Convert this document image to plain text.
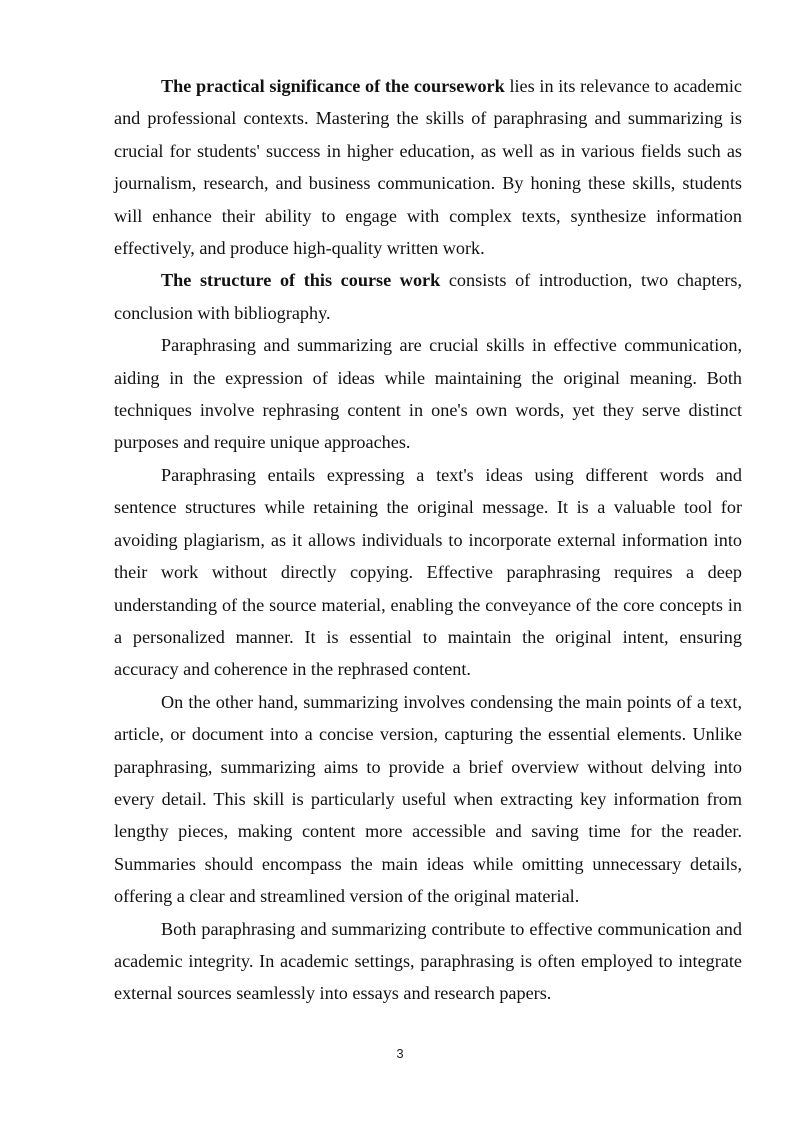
The practical significance of the coursework lies in its relevance to academic and professional contexts. Mastering the skills of paraphrasing and summarizing is crucial for students' success in higher education, as well as in various fields such as journalism, research, and business communication. By honing these skills, students will enhance their ability to engage with complex texts, synthesize information effectively, and produce high-quality written work.

The structure of this course work consists of introduction, two chapters, conclusion with bibliography.

Paraphrasing and summarizing are crucial skills in effective communication, aiding in the expression of ideas while maintaining the original meaning. Both techniques involve rephrasing content in one's own words, yet they serve distinct purposes and require unique approaches.

Paraphrasing entails expressing a text's ideas using different words and sentence structures while retaining the original message. It is a valuable tool for avoiding plagiarism, as it allows individuals to incorporate external information into their work without directly copying. Effective paraphrasing requires a deep understanding of the source material, enabling the conveyance of the core concepts in a personalized manner. It is essential to maintain the original intent, ensuring accuracy and coherence in the rephrased content.

On the other hand, summarizing involves condensing the main points of a text, article, or document into a concise version, capturing the essential elements. Unlike paraphrasing, summarizing aims to provide a brief overview without delving into every detail. This skill is particularly useful when extracting key information from lengthy pieces, making content more accessible and saving time for the reader. Summaries should encompass the main ideas while omitting unnecessary details, offering a clear and streamlined version of the original material.

Both paraphrasing and summarizing contribute to effective communication and academic integrity. In academic settings, paraphrasing is often employed to integrate external sources seamlessly into essays and research papers.

3
